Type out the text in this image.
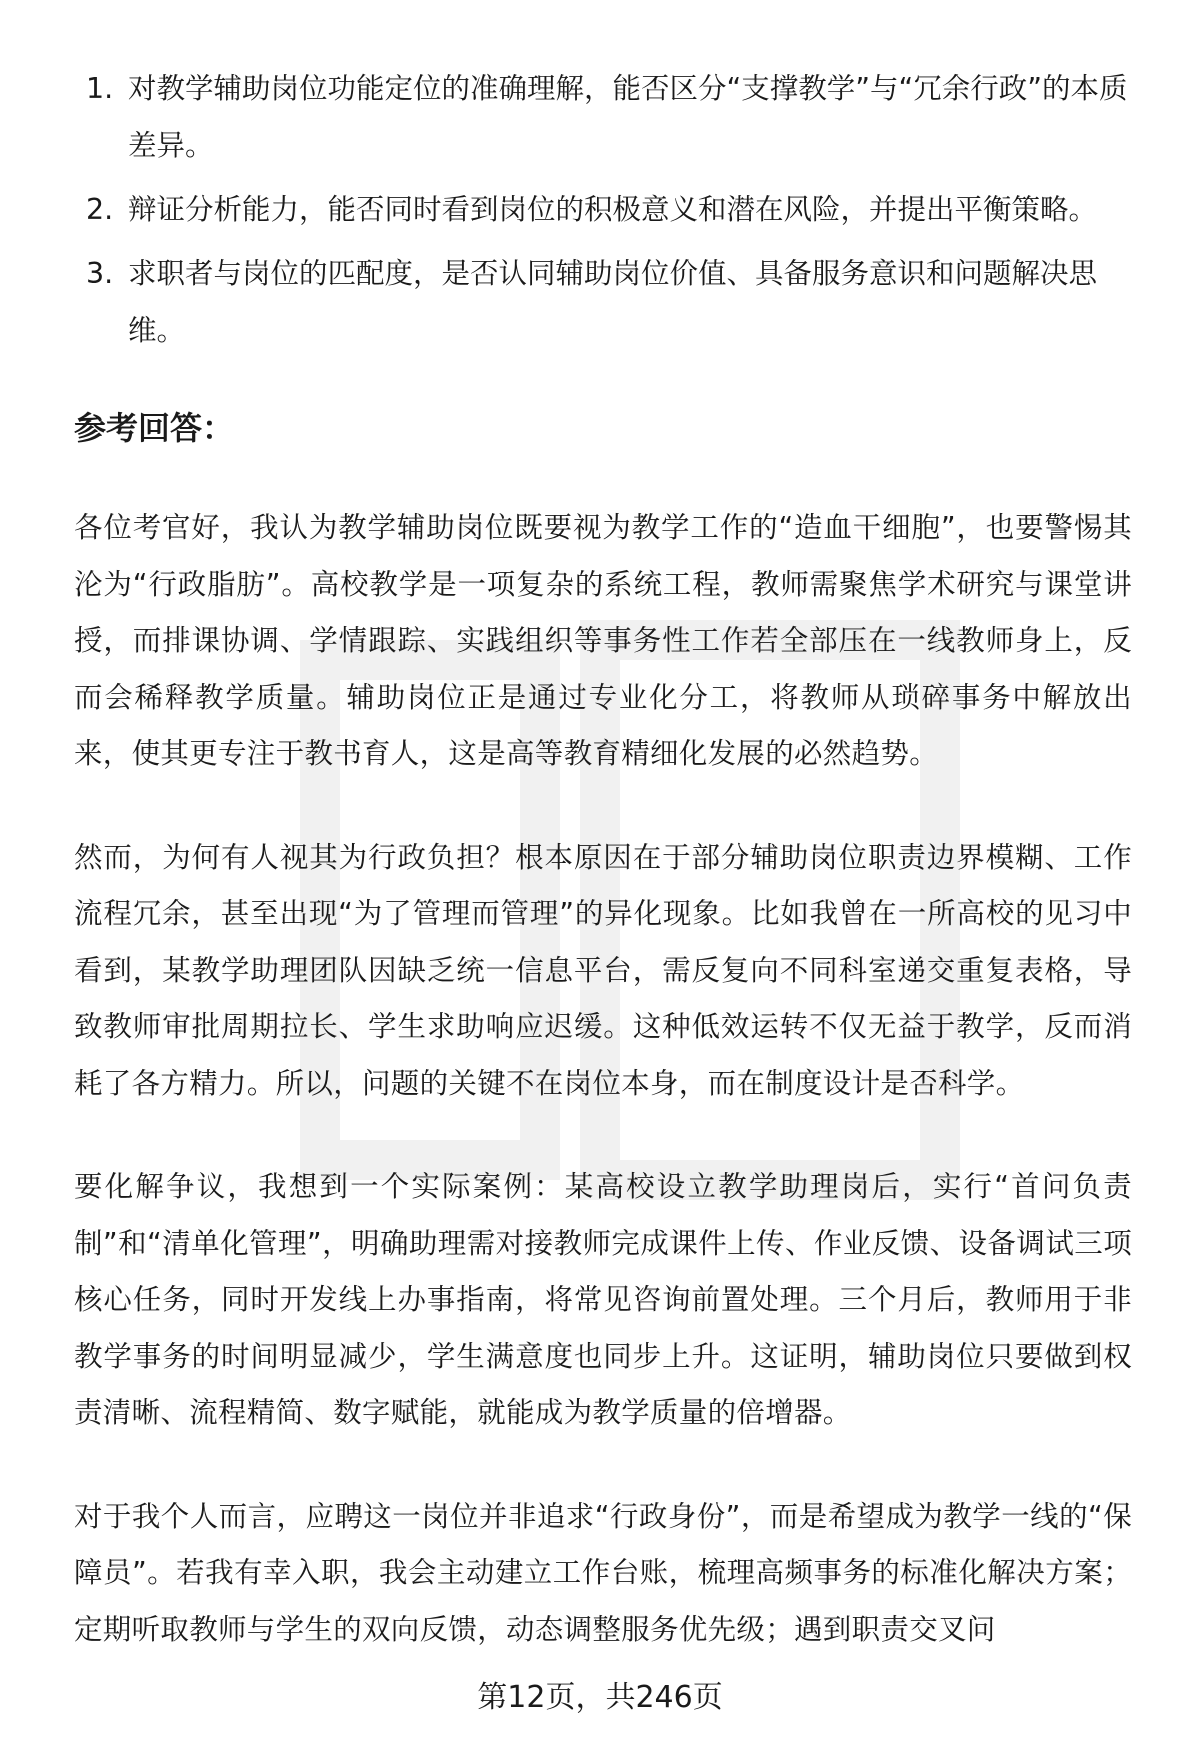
1. 对教学辅助岗位功能定位的准确理解，能否区分“支撑教学”与“冗余行政”的本质差异。
2. 辩证分析能力，能否同时看到岗位的积极意义和潜在风险，并提出平衡策略。
3. 求职者与岗位的匹配度，是否认同辅助岗位价值、具备服务意识和问题解决思维。
参考回答：

各位考官好，我认为教学辅助岗位既要视为教学工作的“造血干细胞”，也要警惕其沦为“行政脂肪”。高校教学是一项复杂的系统工程，教师需聚焦学术研究与课堂讲授，而排课协调、学情跟踪、实践组织等事务性工作若全部压在一线教师身上，反而会稀释教学质量。辅助岗位正是通过专业化分工，将教师从琐碎事务中解放出来，使其更专注于教书育人，这是高等教育精细化发展的必然趋势。

然而，为何有人视其为行政负担？根本原因在于部分辅助岗位职责边界模糊、工作流程冗余，甚至出现“为了管理而管理”的异化现象。比如我曾在一所高校的见习中看到，某教学助理团队因缺乏统一信息平台，需反复向不同科室递交重复表格，导致教师审批周期拉长、学生求助响应迟缓。这种低效运转不仅无益于教学，反而消耗了各方精力。所以，问题的关键不在岗位本身，而在制度设计是否科学。

要化解争议，我想到一个实际案例：某高校设立教学助理岗后，实行“首问负责制”和“清单化管理”，明确助理需对接教师完成课件上传、作业反馈、设备调试三项核心任务，同时开发线上办事指南，将常见咨询前置处理。三个月后，教师用于非教学事务的时间明显减少，学生满意度也同步上升。这证明，辅助岗位只要做到权责清晰、流程精简、数字赋能，就能成为教学质量的倍增器。

对于我个人而言，应聘这一岗位并非追求“行政身份”，而是希望成为教学一线的“保障员”。若我有幸入职，我会主动建立工作台账，梳理高频事务的标准化解决方案；定期听取教师与学生的双向反馈，动态调整服务优先级；遇到职责交叉问

第12页，共246页
